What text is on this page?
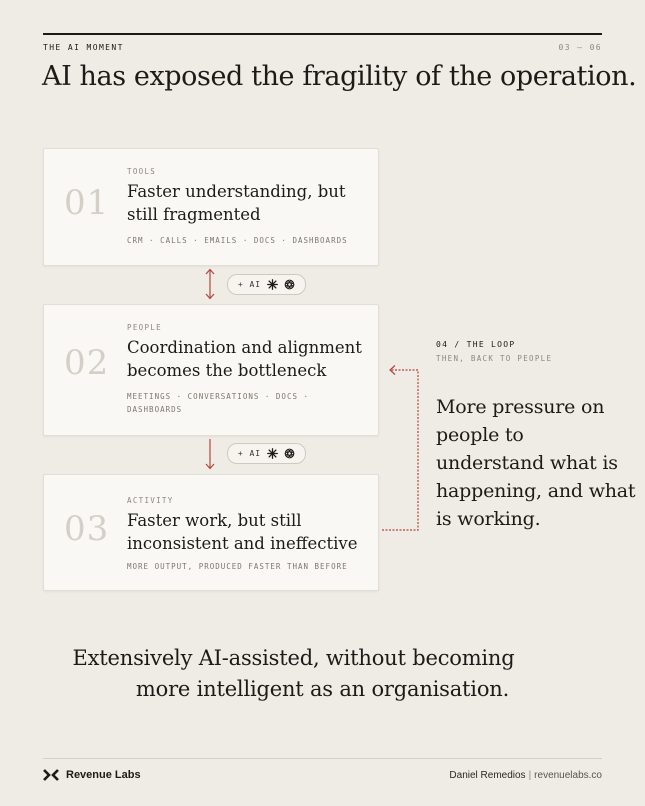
THE AI MOMENT	03 — 06
AI has exposed the fragility of the operation.
01
TOOLS
Faster understanding, but still fragmented
CRM · CALLS · EMAILS · DOCS · DASHBOARDS
+ AI
02
PEOPLE
Coordination and alignment becomes the bottleneck
MEETINGS · CONVERSATIONS · DOCS · DASHBOARDS
+ AI
03
ACTIVITY
Faster work, but still inconsistent and ineffective
MORE OUTPUT, PRODUCED FASTER THAN BEFORE
04 / THE LOOP
THEN, BACK TO PEOPLE
More pressure on people to understand what is happening, and what is working.
Extensively AI-assisted, without becoming
more intelligent as an organisation.
Revenue Labs	Daniel Remedios | revenuelabs.co
